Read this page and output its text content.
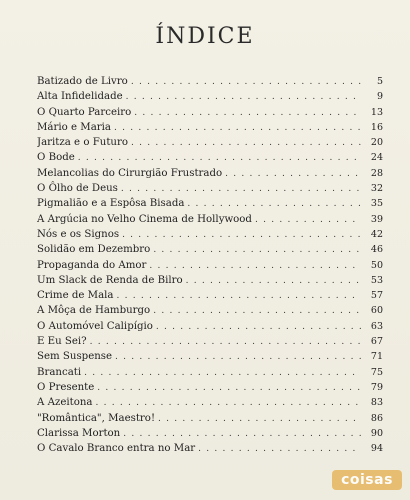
ÍNDICE
Batizado de Livro . . .	5
Alta Infidelidade . . .	9
O Quarto Parceiro . . .	13
Mário e Maria . . .	16
Jaritza e o Futuro . . .	20
O Bode . . .	24
Melancolias do Cirurgião Frustrado . . .	28
O Ôlho de Deus . . .	32
Pigmalião e a Espôsa Bisada . . .	35
A Argúcia no Velho Cinema de Hollywood . . .	39
Nós e os Signos . . .	42
Solidão em Dezembro . . .	46
Propaganda do Amor . . .	50
Um Slack de Renda de Bilro . . .	53
Crime de Mala . . .	57
A Môça de Hamburgo . . .	60
O Automóvel Calipígio . . .	63
E Eu Sei? . . .	67
Sem Suspense . . .	71
Brancati . . .	75
O Presente . . .	79
A Azeitona . . .	83
"Romântica", Maestro! . . .	86
Clarissa Morton . . .	90
O Cavalo Branco entra no Mar . . .	94
coisas
